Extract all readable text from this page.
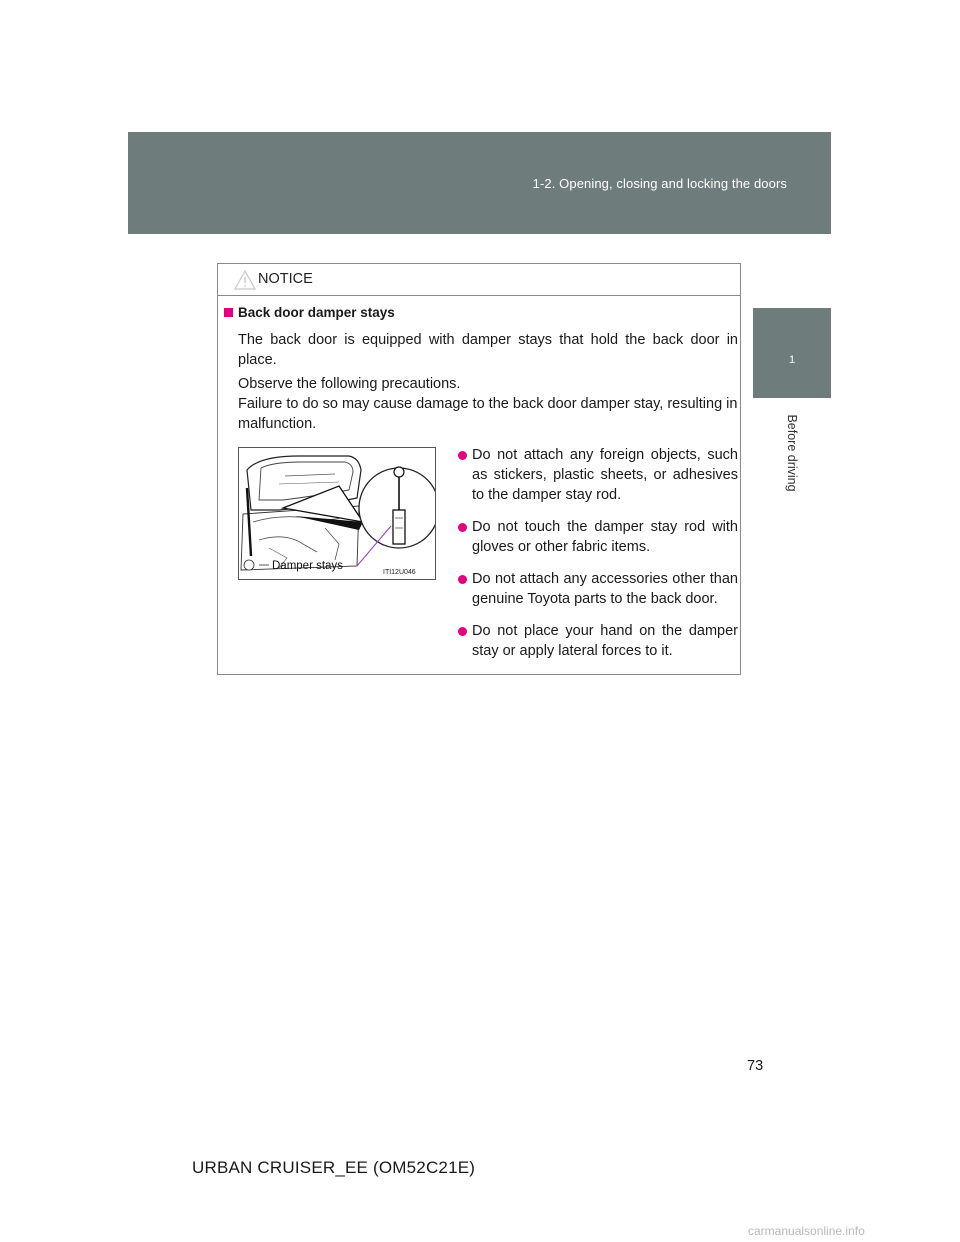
1-2. Opening, closing and locking the doors
1
Before driving
NOTICE
Back door damper stays
The back door is equipped with damper stays that hold the back door in place.
Observe the following precautions.
Failure to do so may cause damage to the back door damper stay, resulting in malfunction.
Damper stays
ITI12U046
Do not attach any foreign objects, such as stickers, plastic sheets, or adhesives to the damper stay rod.
Do not touch the damper stay rod with gloves or other fabric items.
Do not attach any accessories other than genuine Toyota parts to the back door.
Do not place your hand on the damper stay or apply lateral forces to it.
73
URBAN CRUISER_EE (OM52C21E)
carmanualsonline.info
